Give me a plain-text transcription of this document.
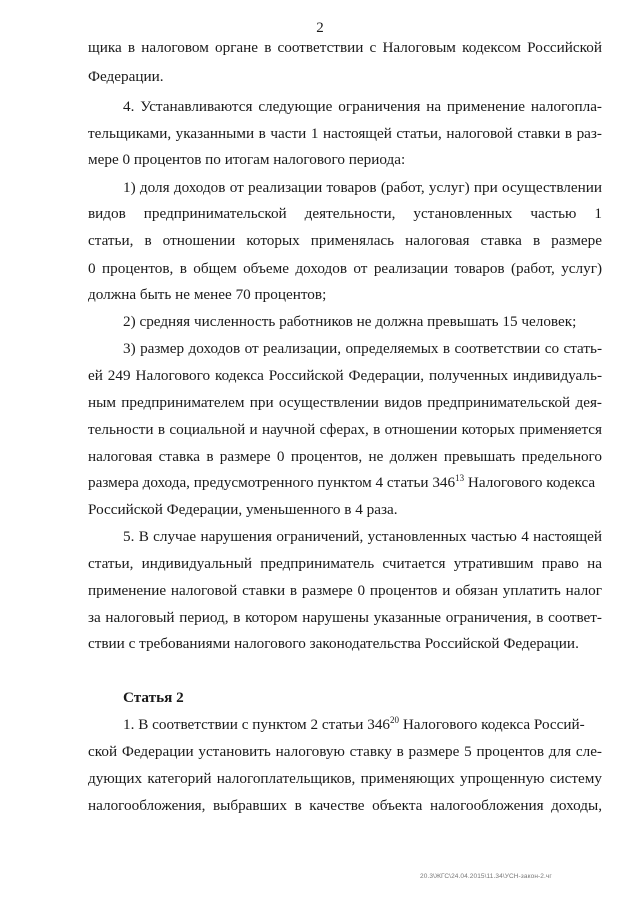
2
щика в налоговом органе в соответствии с Налоговым кодексом Российской
Федерации.
4. Устанавливаются следующие ограничения на применение налогопла-
тельщиками, указанными в части 1 настоящей статьи, налоговой ставки в раз-
мере 0 процентов по итогам налогового периода:
1) доля доходов от реализации товаров (работ, услуг) при осуществлении
видов предпринимательской деятельности, установленных частью 1
статьи, в отношении которых применялась налоговая ставка в размере
0 процентов, в общем объеме доходов от реализации товаров (работ, услуг)
должна быть не менее 70 процентов;
2) средняя численность работников не должна превышать 15 человек;
3) размер доходов от реализации, определяемых в соответствии со стать-
ей 249 Налогового кодекса Российской Федерации, полученных индивидуаль-
ным предпринимателем при осуществлении видов предпринимательской дея-
тельности в социальной и научной сферах, в отношении которых применяется
налоговая ставка в размере 0 процентов, не должен превышать предельного
размера дохода, предусмотренного пунктом 4 статьи $346^{13}$ Налогового кодекса
Российской Федерации, уменьшенного в 4 раза.
5. В случае нарушения ограничений, установленных частью 4 настоящей
статьи, индивидуальный предприниматель считается утратившим право на
применение налоговой ставки в размере 0 процентов и обязан уплатить налог
за налоговый период, в котором нарушены указанные ограничения, в соответ-
ствии с требованиями налогового законодательства Российской Федерации.
Статья 2
1. В соответствии с пунктом 2 статьи $346^{20}$ Налогового кодекса Россий-
ской Федерации установить налоговую ставку в размере 5 процентов для сле-
дующих категорий налогоплательщиков, применяющих упрощенную систему
налогообложения, выбравших в качестве объекта налогообложения доходы,
20.3\ЖГС\24.04.2015\11.34\УСН-закон-2.чг
